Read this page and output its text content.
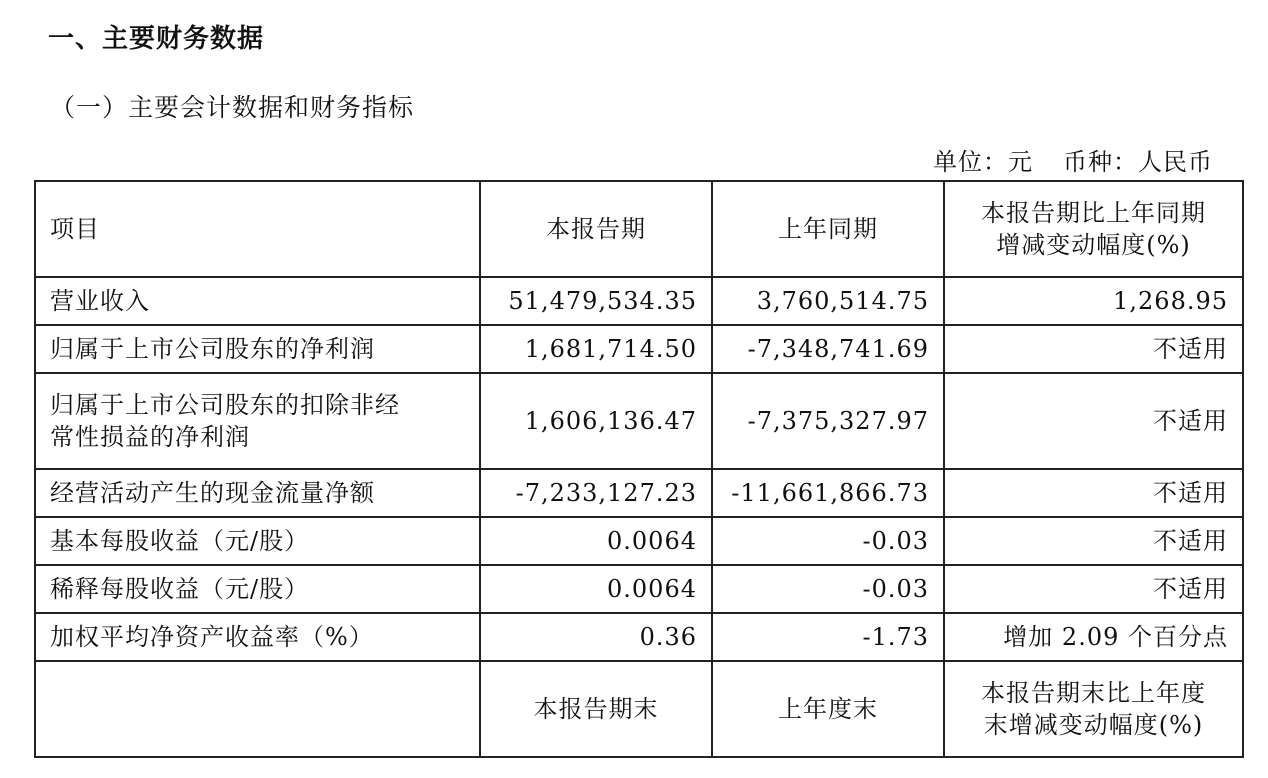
一、主要财务数据
（一）主要会计数据和财务指标
单位：元 币种：人民币
项目	本报告期	上年同期	本报告期比上年同期
增减变动幅度(%)

营业收入	51,479,534.35	3,760,514.75	1,268.95
归属于上市公司股东的净利润	1,681,714.50	-7,348,741.69	不适用

归属于上市公司股东的扣除非经
常性损益的净利润	1,606,136.47	-7,375,327.97	不适用
经营活动产生的现金流量净额	-7,233,127.23	-11,661,866.73	不适用
基本每股收益（元/股）	0.0064	-0.03	不适用
稀释每股收益（元/股）	0.0064	-0.03	不适用
加权平均净资产收益率（%）	0.36	-1.73	增加 2.09 个百分点
	本报告期末	上年度末	本报告期末比上年度
末增减变动幅度(%)
